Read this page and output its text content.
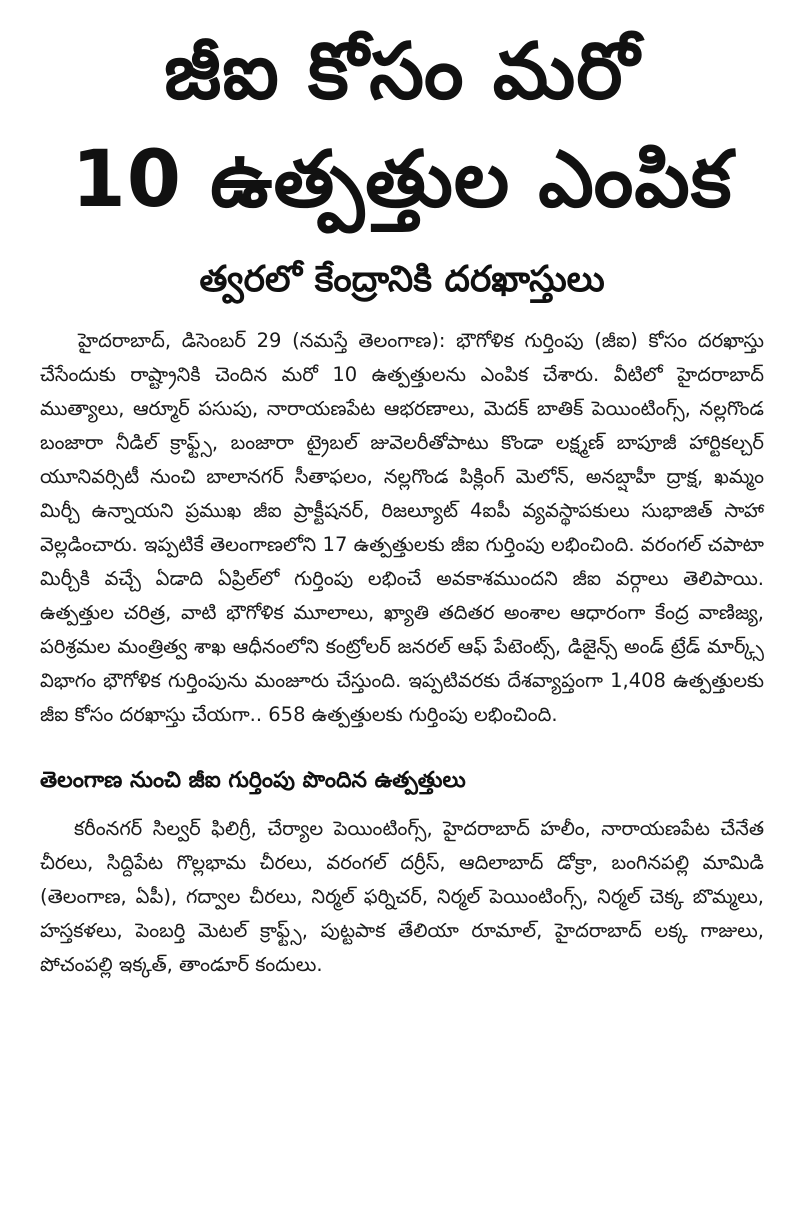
జీఐ కోసం మరో
10 ఉత్పత్తుల ఎంపిక
త్వరలో కేంద్రానికి దరఖాస్తులు

హైదరాబాద్, డిసెంబర్ 29 (నమస్తే తెలంగాణ): భౌగోళిక గుర్తింపు (జీఐ) కోసం దరఖాస్తు చేసేందుకు రాష్ట్రానికి చెందిన మరో 10 ఉత్పత్తులను ఎంపిక చేశారు. వీటిలో హైదరాబాద్ ముత్యాలు, ఆర్మూర్ పసుపు, నారాయణపేట ఆభరణాలు, మెదక్ బాతిక్ పెయింటింగ్స్, నల్లగొండ బంజారా నీడిల్ క్రాఫ్ట్స్, బంజారా ట్రైబల్ జువెలరీతోపాటు కొండా లక్ష్మణ్ బాపూజీ హార్టికల్చర్ యూనివర్సిటీ నుంచి బాలానగర్ సీతాఫలం, నల్లగొండ పిక్లింగ్ మెలోన్, అనబ్షాహీ ద్రాక్ష, ఖమ్మం మిర్చీ ఉన్నాయని ప్రముఖ జీఐ ప్రాక్టీషనర్, రిజల్యూట్ 4ఐపీ వ్యవస్థాపకులు సుభాజిత్ సాహా వెల్లడించారు. ఇప్పటికే తెలంగాణలోని 17 ఉత్పత్తులకు జీఐ గుర్తింపు లభించింది. వరంగల్ చపాటా మిర్చీకి వచ్చే ఏడాది ఏప్రిల్‌లో గుర్తింపు లభించే అవకాశముందని జీఐ వర్గాలు తెలిపాయి. ఉత్పత్తుల చరిత్ర, వాటి భౌగోళిక మూలాలు, ఖ్యాతి తదితర అంశాల ఆధారంగా కేంద్ర వాణిజ్య, పరిశ్రమల మంత్రిత్వ శాఖ ఆధీనంలోని కంట్రోలర్ జనరల్ ఆఫ్ పేటెంట్స్, డిజైన్స్ అండ్ ట్రేడ్ మార్క్స్ విభాగం భౌగోళిక గుర్తింపును మంజూరు చేస్తుంది. ఇప్పటివరకు దేశవ్యాప్తంగా 1,408 ఉత్పత్తులకు జీఐ కోసం దరఖాస్తు చేయగా.. 658 ఉత్పత్తులకు గుర్తింపు లభించింది.

తెలంగాణ నుంచి జీఐ గుర్తింపు పొందిన ఉత్పత్తులు

కరీంనగర్ సిల్వర్ ఫిలిగ్రీ, చేర్యాల పెయింటింగ్స్, హైదరాబాద్ హలీం, నారాయణపేట చేనేత చీరలు, సిద్దిపేట గొల్లభామ చీరలు, వరంగల్ దర్రీస్, ఆదిలాబాద్ డోక్రా, బంగినపల్లి మామిడి (తెలంగాణ, ఏపీ), గద్వాల చీరలు, నిర్మల్ ఫర్నిచర్, నిర్మల్ పెయింటింగ్స్, నిర్మల్ చెక్క బొమ్మలు, హస్తకళలు, పెంబర్తి మెటల్ క్రాఫ్ట్స్, పుట్టపాక తేలియా రూమాల్, హైదరాబాద్ లక్క గాజులు, పోచంపల్లి ఇక్కత్, తాండూర్ కందులు.
